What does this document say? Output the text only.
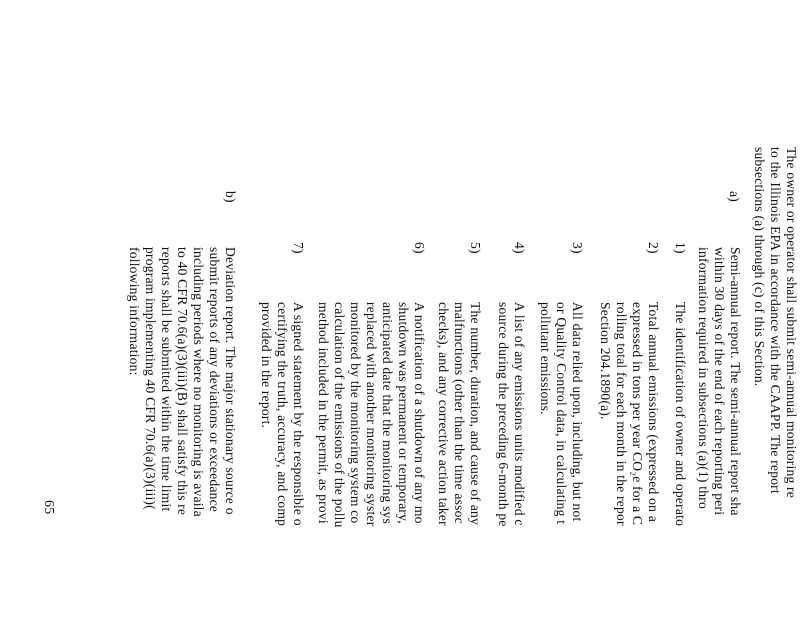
The owner or operator shall submit semi-annual monitoring re
to the Illinois EPA in accordance with the CAAPP. The report
subsections (a) through (c) of this Section.
a)
Semi-annual report. The semi-annual report sha
within 30 days of the end of each reporting peri
information required in subsections (a)(1) thro
1)
The identification of owner and operato
2)
Total annual emissions (expressed on a
expressed in tons per year CO₂e for a C
rolling total for each month in the repor
Section 204.1890(a).
3)
All data relied upon, including, but not
or Quality Control data, in calculating t
pollutant emissions.
4)
A list of any emissions units modified c
source during the preceding 6-month pe
5)
The number, duration, and cause of any
malfunctions (other than the time assoc
checks), and any corrective action taker
6)
A notification of a shutdown of any mo
shutdown was permanent or temporary,
anticipated date that the monitoring sys
replaced with another monitoring syster
monitored by the monitoring system co
calculation of the emissions of the pollu
method included in the permit, as provi
7)
A signed statement by the responsible o
certifying the truth, accuracy, and comp
provided in the report.
b)
Deviation report. The major stationary source o
submit reports of any deviations or exceedance
including periods where no monitoring is availa
to 40 CFR 70.6(a)(3)(iii)(B) shall satisfy this re
reports shall be submitted within the time limit
program implementing 40 CFR 70.6(a)(3)(iii)(
following information:
65
